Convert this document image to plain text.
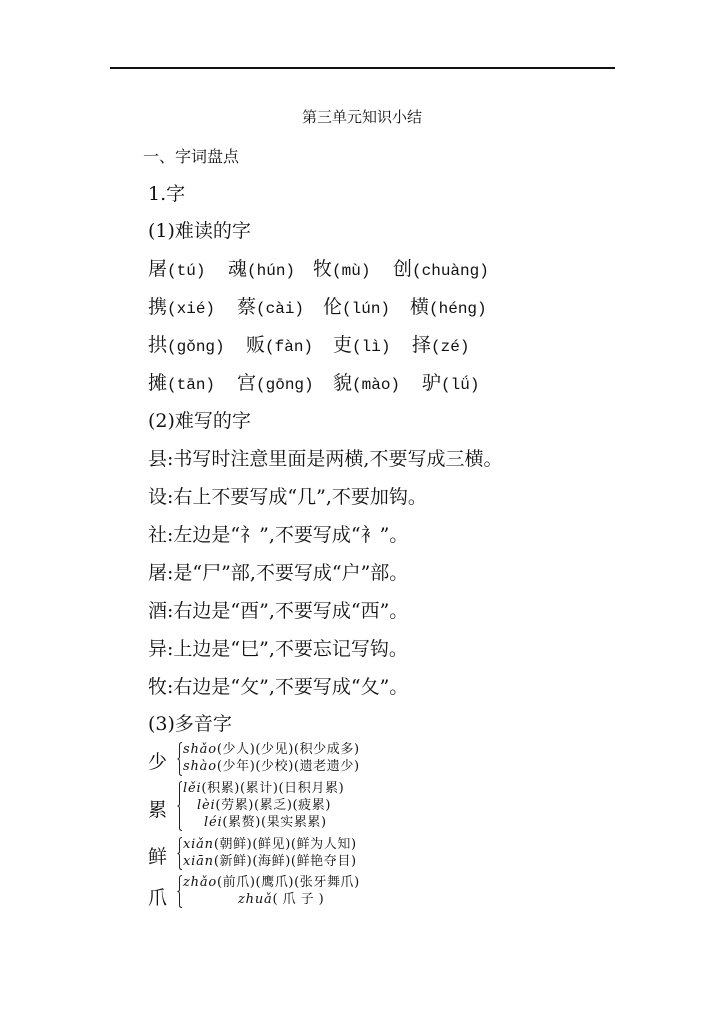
第三单元知识小结
一、字词盘点
1.字
(1)难读的字
屠(tú) 魂(hún) 牧(mù) 创(chuàng)
携(xié) 蔡(cài) 伦(lún) 横(héng)
拱(gǒng) 贩(fàn) 吏(lì) 择(zé)
摊(tān) 宫(gōng) 貌(mào) 驴(lǘ)
(2)难写的字
县:书写时注意里面是两横,不要写成三横。
设:右上不要写成“几”,不要加钩。
社:左边是“礻”,不要写成“衤”。
屠:是“尸”部,不要写成“户”部。
酒:右边是“酉”,不要写成“西”。
异:上边是“巳”,不要忘记写钩。
牧:右边是“攵”,不要写成“夂”。
(3)多音字
少
shǎo(少人)(少见)(积少成多)
shào(少年)(少校)(遗老遗少)
累
lěi(积累)(累计)(日积月累)
lèi(劳累)(累乏)(疲累)
léi(累赘)(果实累累)
鲜
xiǎn(朝鲜)(鲜见)(鲜为人知)
xiān(新鲜)(海鲜)(鲜艳夺目)
爪
zhǎo(前爪)(鹰爪)(张牙舞爪)
zhuǎ(爪子)
